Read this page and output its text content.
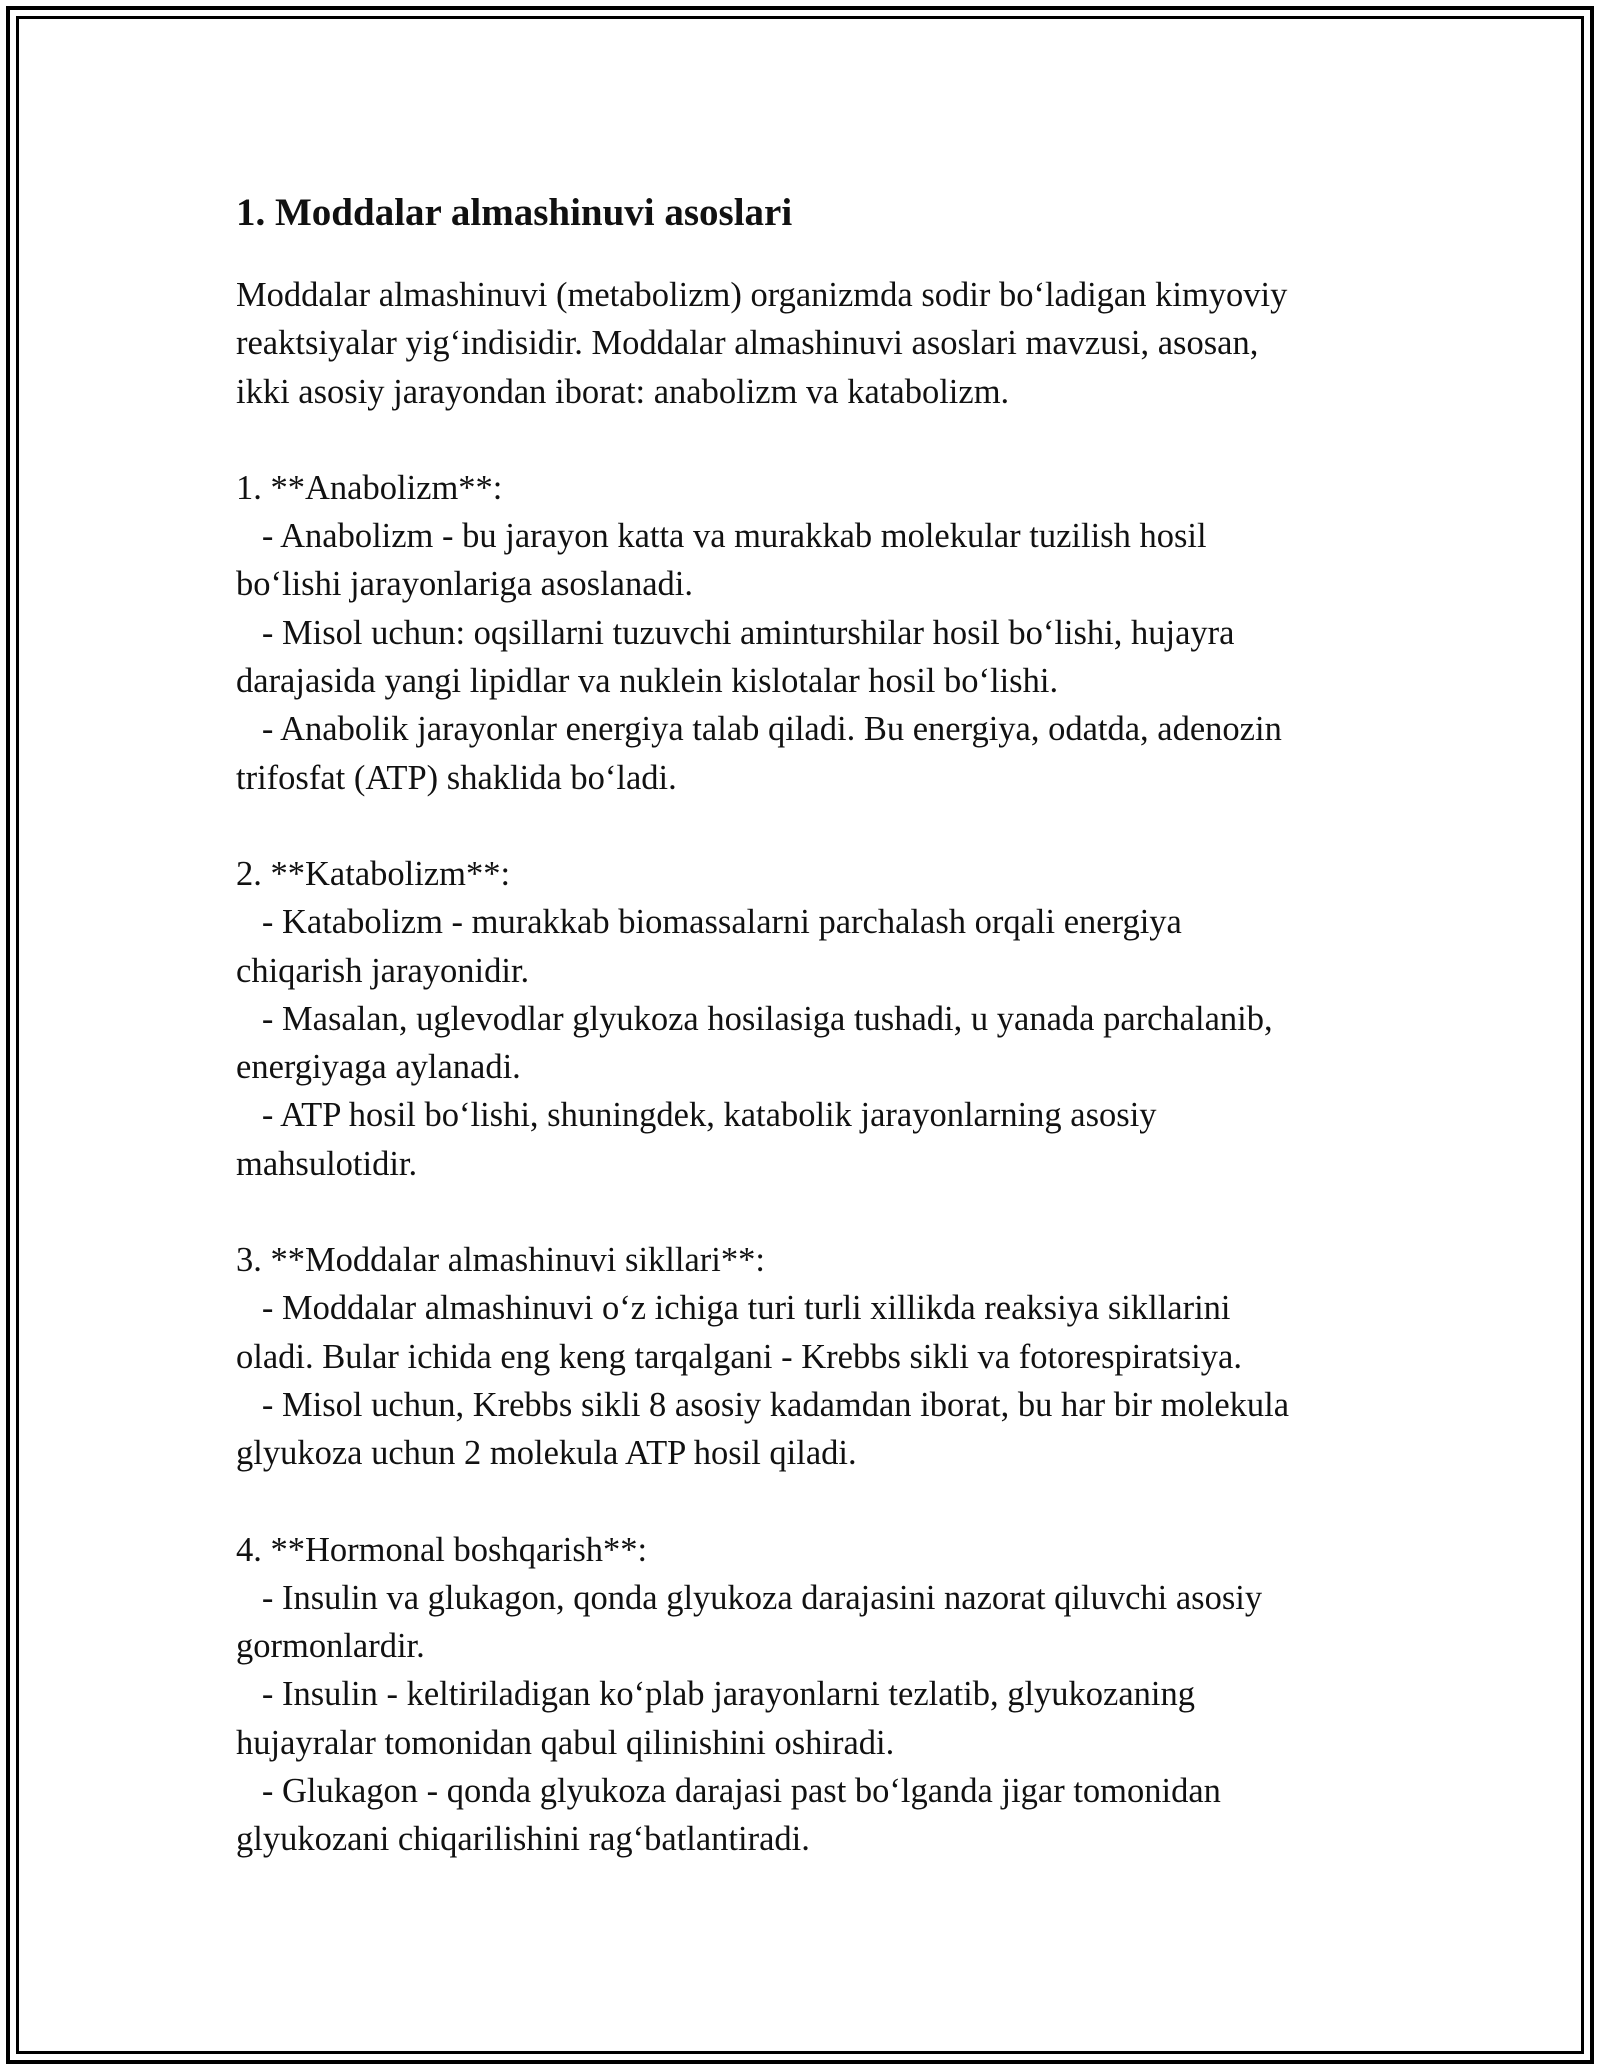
1. Moddalar almashinuvi asoslari

Moddalar almashinuvi (metabolizm) organizmda sodir bo‘ladigan kimyoviy
reaktsiyalar yig‘indisidir. Moddalar almashinuvi asoslari mavzusi, asosan,
ikki asosiy jarayondan iborat: anabolizm va katabolizm.

1. **Anabolizm**:
- Anabolizm - bu jarayon katta va murakkab molekular tuzilish hosil
bo‘lishi jarayonlariga asoslanadi.
- Misol uchun: oqsillarni tuzuvchi aminturshilar hosil bo‘lishi, hujayra
darajasida yangi lipidlar va nuklein kislotalar hosil bo‘lishi.
- Anabolik jarayonlar energiya talab qiladi. Bu energiya, odatda, adenozin
trifosfat (ATP) shaklida bo‘ladi.
2. **Katabolizm**:
- Katabolizm - murakkab biomassalarni parchalash orqali energiya
chiqarish jarayonidir.
- Masalan, uglevodlar glyukoza hosilasiga tushadi, u yanada parchalanib,
energiyaga aylanadi.
- ATP hosil bo‘lishi, shuningdek, katabolik jarayonlarning asosiy
mahsulotidir.
3. **Moddalar almashinuvi sikllari**:
- Moddalar almashinuvi o‘z ichiga turi turli xillikda reaksiya sikllarini
oladi. Bular ichida eng keng tarqalgani - Krebbs sikli va fotorespiratsiya.
- Misol uchun, Krebbs sikli 8 asosiy kadamdan iborat, bu har bir molekula
glyukoza uchun 2 molekula ATP hosil qiladi.
4. **Hormonal boshqarish**:
- Insulin va glukagon, qonda glyukoza darajasini nazorat qiluvchi asosiy
gormonlardir.
- Insulin - keltiriladigan ko‘plab jarayonlarni tezlatib, glyukozaning
hujayralar tomonidan qabul qilinishini oshiradi.
- Glukagon - qonda glyukoza darajasi past bo‘lganda jigar tomonidan
glyukozani chiqarilishini rag‘batlantiradi.
